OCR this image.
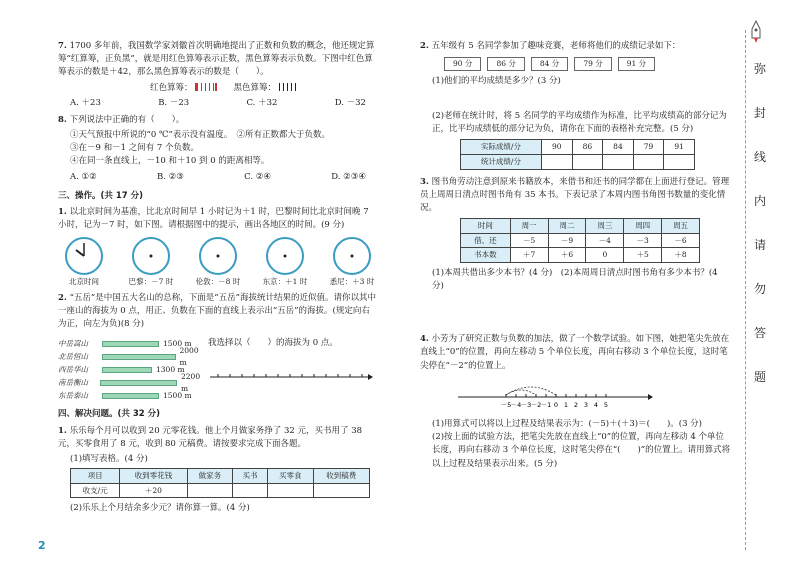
7. 1700 多年前，我国数学家刘徽首次明确地提出了正数和负数的概念，他还规定算筹“红算筹，正负黑”，就是用红色算筹表示正数，黑色算筹表示负数。下图中红色算筹表示的数是＋42，那么黑色算筹表示的数是（　　）。
红色算筹：	黑色算筹：
A. ＋23	B. －23	C. ＋32	D. －32
8. 下列说法中正确的有（　　）。
①天气预报中所说的“0 ℃”表示没有温度。　②所有正数都大于负数。
③在－9 和－1 之间有 7 个负数。
④在同一条直线上，－10 和＋10 到 0 的距离相等。
A. ①②	B. ②③	C. ②④	D. ②③④
三、操作。(共 17 分)
1. 以北京时间为基准，比北京时间早 1 小时记为＋1 时，巴黎时间比北京时间晚 7 小时，记为－7 时，如下图。请根据图中的提示，画出各地区的时间。(9 分)
北京时间	巴黎：－7 时	伦敦：－8 时	东京：＋1 时	悉尼：＋3 时
2. “五岳”是中国五大名山的总称，下面是“五岳”海拔统计结果的近似值。请你以其中一座山的海拔为 0 点，用正、负数在下面的直线上表示出“五岳”的海拔。(规定向右为正，向左为负)(8 分)
中岳嵩山	1500 m
北岳恒山
2000 m
西岳华山	1300 m
南岳衡山
2200 m
东岳泰山	1500 m
我选择以（　　）的海拔为 0 点。
四、解决问题。(共 32 分)
1. 乐乐每个月可以收到 20 元零花钱。他上个月做家务挣了 32 元，买书用了 38 元，买零食用了 8 元，收到 80 元稿费。请按要求完成下面各题。
(1)填写表格。(4 分)
项目	收到零花钱	做家务	买书	买零食	收到稿费
收支/元	＋20				
(2)乐乐上个月结余多少元？请你算一算。(4 分)
2. 五年级有 5 名同学参加了趣味竞赛，老师将他们的成绩记录如下：
90 分	86 分	84 分	79 分	91 分
(1)他们的平均成绩是多少？(3 分)
(2)老师在统计时，将 5 名同学的平均成绩作为标准，比平均成绩高的部分记为正，比平均成绩低的部分记为负，请你在下面的表格补充完整。(5 分)
实际成绩/分	90	86	84	79	91
统计成绩/分					
3. 图书角劳动注意到原来书籍放本，来借书和还书的同学都在上面进行登记。管理员上周周日清点时图书角有 35 本书。下表记录了本周内图书角图书数量的变化情况。
时间	周一	周二	周三	周四	周五
借、还	－5	－9	－4	－3	－6
书本数	＋7	＋6	0	＋5	＋8
(1)本周共借出多少本书？(4 分)　(2)本周周日清点时图书角有多少本书？(4 分)
4. 小芳为了研究正数与负数的加法，做了一个数学试验。如下图，她把笔尖先放在直线上“0”的位置，再向左移动 5 个单位长度，再向右移动 3 个单位长度，这时笔尖停在“－2”的位置上。
－5 －4 －3 －2 －1 0 1 2 3 4 5
(1)用算式可以将以上过程及结果表示为：(－5)＋(＋3)＝(　　)。(3 分)
(2)按上面的试验方法，把笔尖先放在直线上“0”的位置，再向左移动 4 个单位长度，再向右移动 3 个单位长度，这时笔尖停在“(　　)”的位置上。请用算式将以上过程及结果表示出来。(5 分)
弥
封
线
内
请
勿
答
题
2
